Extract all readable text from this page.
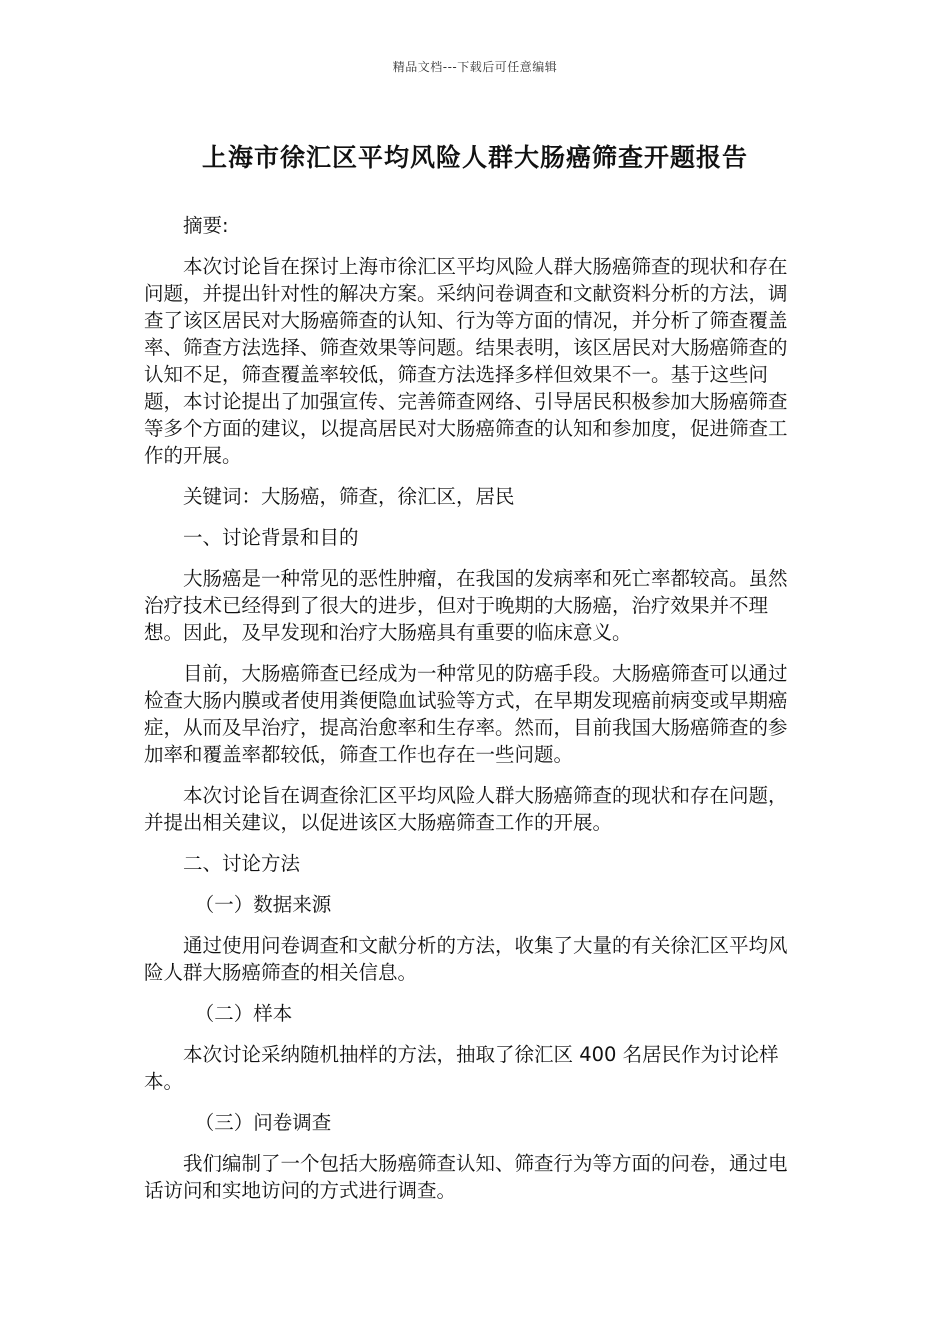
精品文档---下载后可任意编辑
上海市徐汇区平均风险人群大肠癌筛查开题报告

摘要:

本次讨论旨在探讨上海市徐汇区平均风险人群大肠癌筛查的现状和存在问题，并提出针对性的解决方案。采纳问卷调查和文献资料分析的方法，调查了该区居民对大肠癌筛查的认知、行为等方面的情况，并分析了筛查覆盖率、筛查方法选择、筛查效果等问题。结果表明，该区居民对大肠癌筛查的认知不足，筛查覆盖率较低，筛查方法选择多样但效果不一。基于这些问题，本讨论提出了加强宣传、完善筛查网络、引导居民积极参加大肠癌筛查等多个方面的建议，以提高居民对大肠癌筛查的认知和参加度，促进筛查工作的开展。

关键词：大肠癌，筛查，徐汇区，居民

一、讨论背景和目的

大肠癌是一种常见的恶性肿瘤，在我国的发病率和死亡率都较高。虽然治疗技术已经得到了很大的进步，但对于晚期的大肠癌，治疗效果并不理想。因此，及早发现和治疗大肠癌具有重要的临床意义。

目前，大肠癌筛查已经成为一种常见的防癌手段。大肠癌筛查可以通过检查大肠内膜或者使用粪便隐血试验等方式，在早期发现癌前病变或早期癌症，从而及早治疗，提高治愈率和生存率。然而，目前我国大肠癌筛查的参加率和覆盖率都较低，筛查工作也存在一些问题。

本次讨论旨在调查徐汇区平均风险人群大肠癌筛查的现状和存在问题，并提出相关建议，以促进该区大肠癌筛查工作的开展。

二、讨论方法

（一）数据来源

通过使用问卷调查和文献分析的方法，收集了大量的有关徐汇区平均风险人群大肠癌筛查的相关信息。

（二）样本

本次讨论采纳随机抽样的方法，抽取了徐汇区 400 名居民作为讨论样本。

（三）问卷调查

我们编制了一个包括大肠癌筛查认知、筛查行为等方面的问卷，通过电话访问和实地访问的方式进行调查。
